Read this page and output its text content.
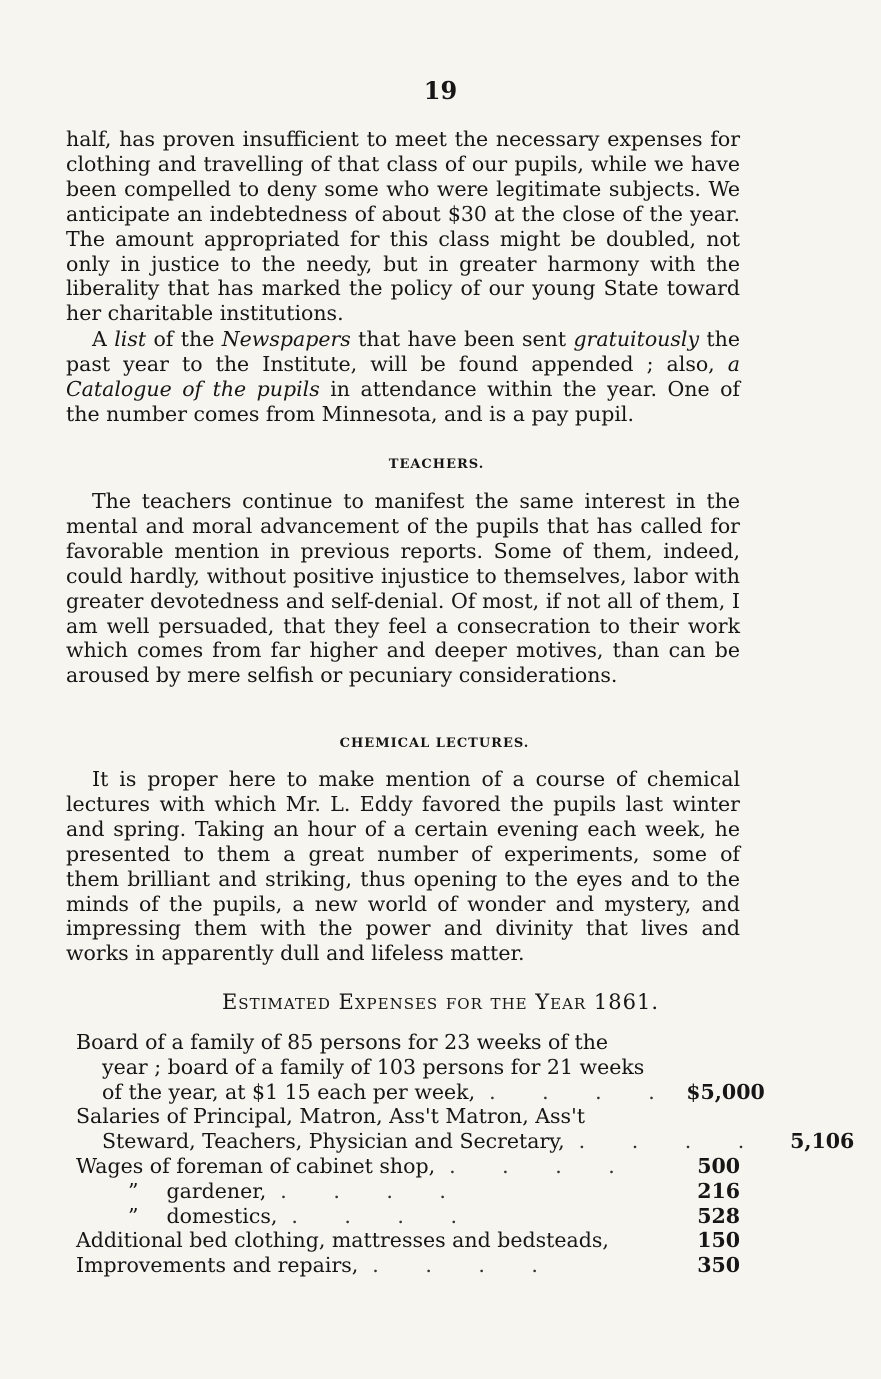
19

half, has proven insufficient to meet the necessary expenses for clothing and travelling of that class of our pupils, while we have been compelled to deny some who were legitimate subjects. We anticipate an indebtedness of about $30 at the close of the year. The amount appropriated for this class might be doubled, not only in justice to the needy, but in greater harmony with the liberality that has marked the policy of our young State toward her charitable institutions.

A list of the Newspapers that have been sent gratuitously the past year to the Institute, will be found appended ; also, a Catalogue of the pupils in attendance within the year. One of the number comes from Minnesota, and is a pay pupil.

TEACHERS.

The teachers continue to manifest the same interest in the mental and moral advancement of the pupils that has called for favorable mention in previous reports. Some of them, indeed, could hardly, without positive injustice to themselves, labor with greater devotedness and self-denial. Of most, if not all of them, I am well persuaded, that they feel a consecration to their work which comes from far higher and deeper motives, than can be aroused by mere selfish or pecuniary considerations.

CHEMICAL LECTURES.

It is proper here to make mention of a course of chemical lectures with which Mr. L. Eddy favored the pupils last winter and spring. Taking an hour of a certain evening each week, he presented to them a great number of experiments, some of them brilliant and striking, thus opening to the eyes and to the minds of the pupils, a new world of wonder and mystery, and impressing them with the power and divinity that lives and works in apparently dull and lifeless matter.

Estimated Expenses for the Year 1861.
Board of a family of 85 persons for 23 weeks of the
year ; board of a family of 103 persons for 21 weeks
of the year, at $1 15 each per week, . . . . $5,000
Salaries of Principal, Matron, Ass't Matron, Ass't
Steward, Teachers, Physician and Secretary, . . . .	5,106
Wages of foreman of cabinet shop, . . . .	500
”	gardener, . . . .	216
”	domestics, . . . .	528
Additional bed clothing, mattresses and bedsteads,	150
Improvements and repairs, . . . .	350
